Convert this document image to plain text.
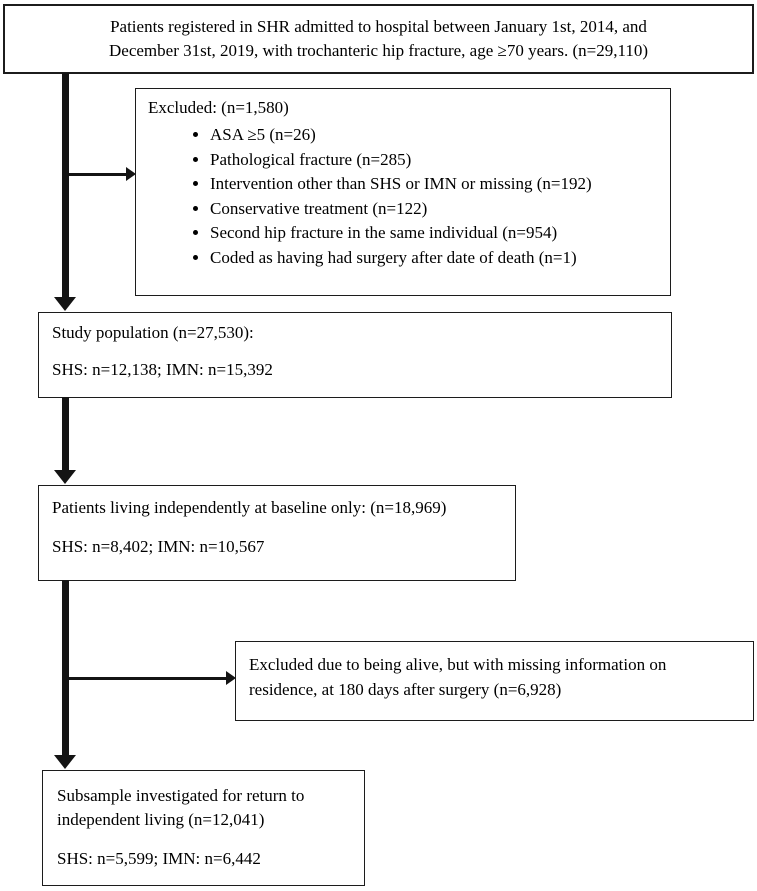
Patients registered in SHR admitted to hospital between January 1st, 2014, and
December 31st, 2019, with trochanteric hip fracture, age ≥70 years. (n=29,110)
Excluded: (n=1,580)
• ASA ≥5 (n=26)
• Pathological fracture (n=285)
• Intervention other than SHS or IMN or missing (n=192)
• Conservative treatment (n=122)
• Second hip fracture in the same individual (n=954)
• Coded as having had surgery after date of death (n=1)
Study population (n=27,530):
SHS: n=12,138; IMN: n=15,392
Patients living independently at baseline only: (n=18,969)
SHS: n=8,402; IMN: n=10,567
Excluded due to being alive, but with missing information on
residence, at 180 days after surgery (n=6,928)
Subsample investigated for return to
independent living (n=12,041)
SHS: n=5,599; IMN: n=6,442
